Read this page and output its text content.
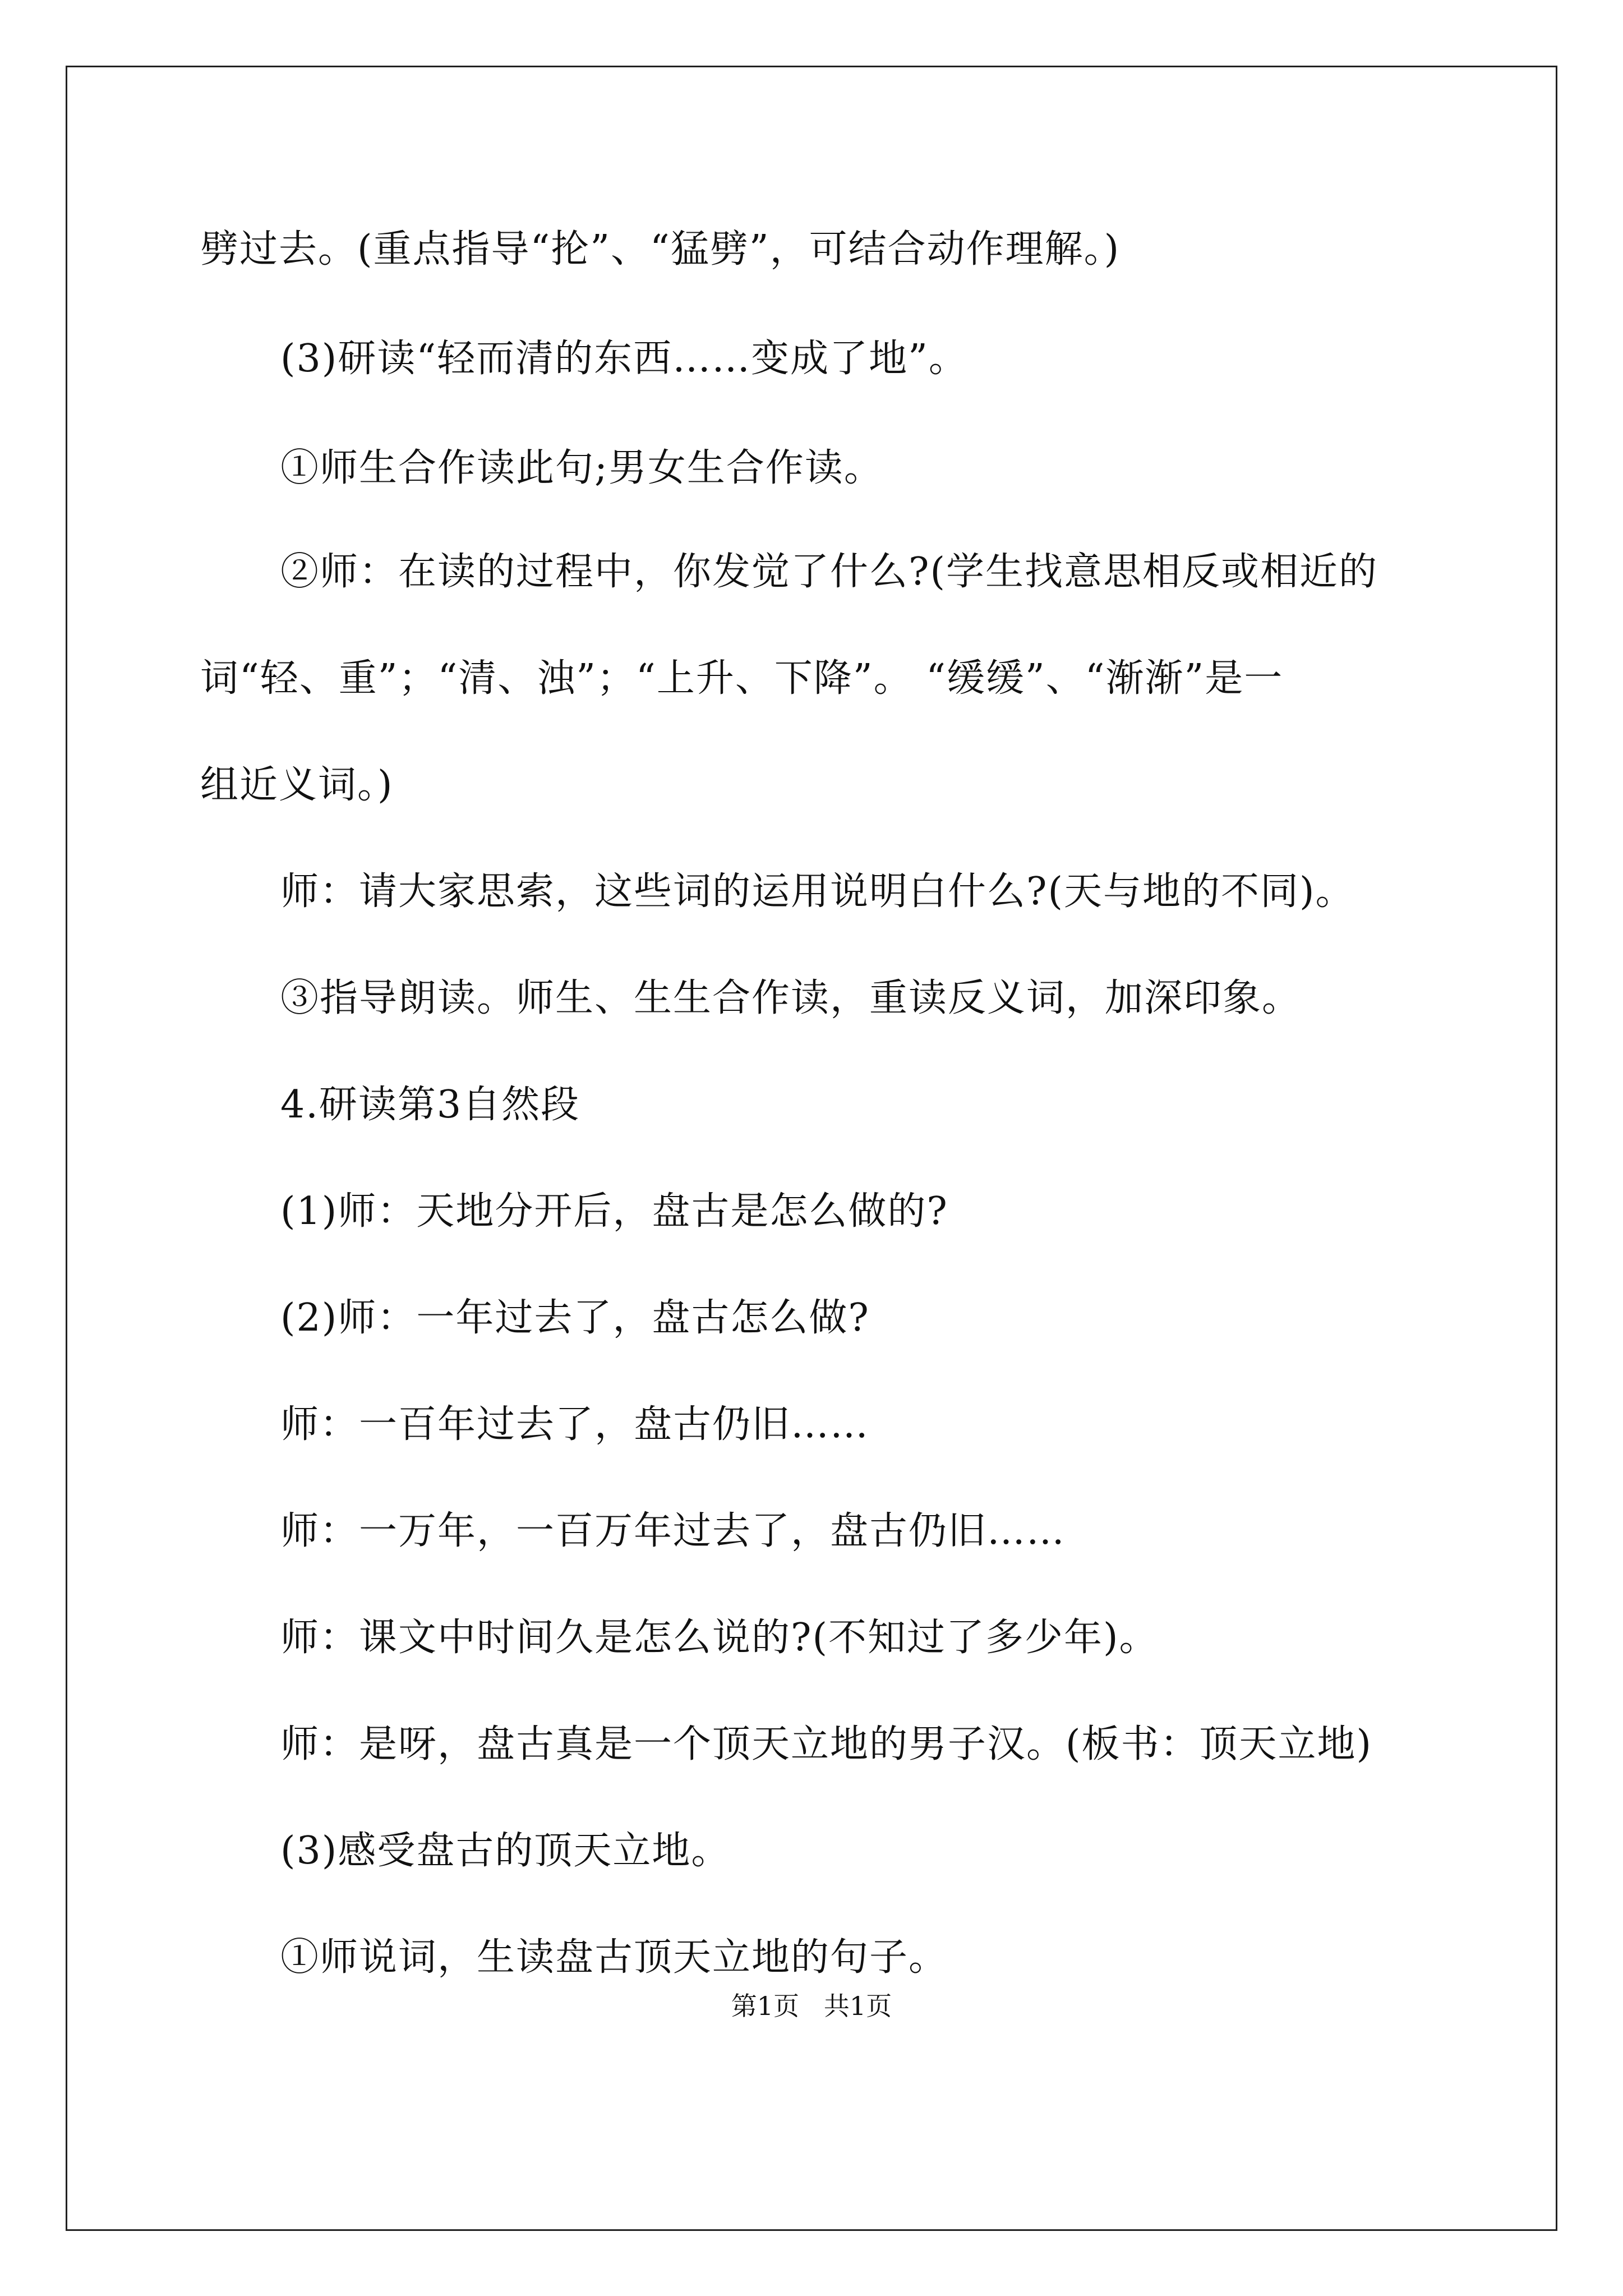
劈过去。(重点指导“抡”、“猛劈”，可结合动作理解。)
(3)研读“轻而清的东西……变成了地”。
①师生合作读此句;男女生合作读。
②师：在读的过程中，你发觉了什么?(学生找意思相反或相近的
词“轻、重”；“清、浊”；“上升、下降”。 “缓缓”、“渐渐”是一
组近义词。)
师：请大家思索，这些词的运用说明白什么?(天与地的不同)。
③指导朗读。师生、生生合作读，重读反义词，加深印象。
4.研读第3自然段
(1)师：天地分开后，盘古是怎么做的?
(2)师：一年过去了，盘古怎么做?
师：一百年过去了，盘古仍旧……
师：一万年，一百万年过去了，盘古仍旧……
师：课文中时间久是怎么说的?(不知过了多少年)。
师：是呀，盘古真是一个顶天立地的男子汉。(板书：顶天立地)
(3)感受盘古的顶天立地。
①师说词，生读盘古顶天立地的句子。
第1页   共1页
